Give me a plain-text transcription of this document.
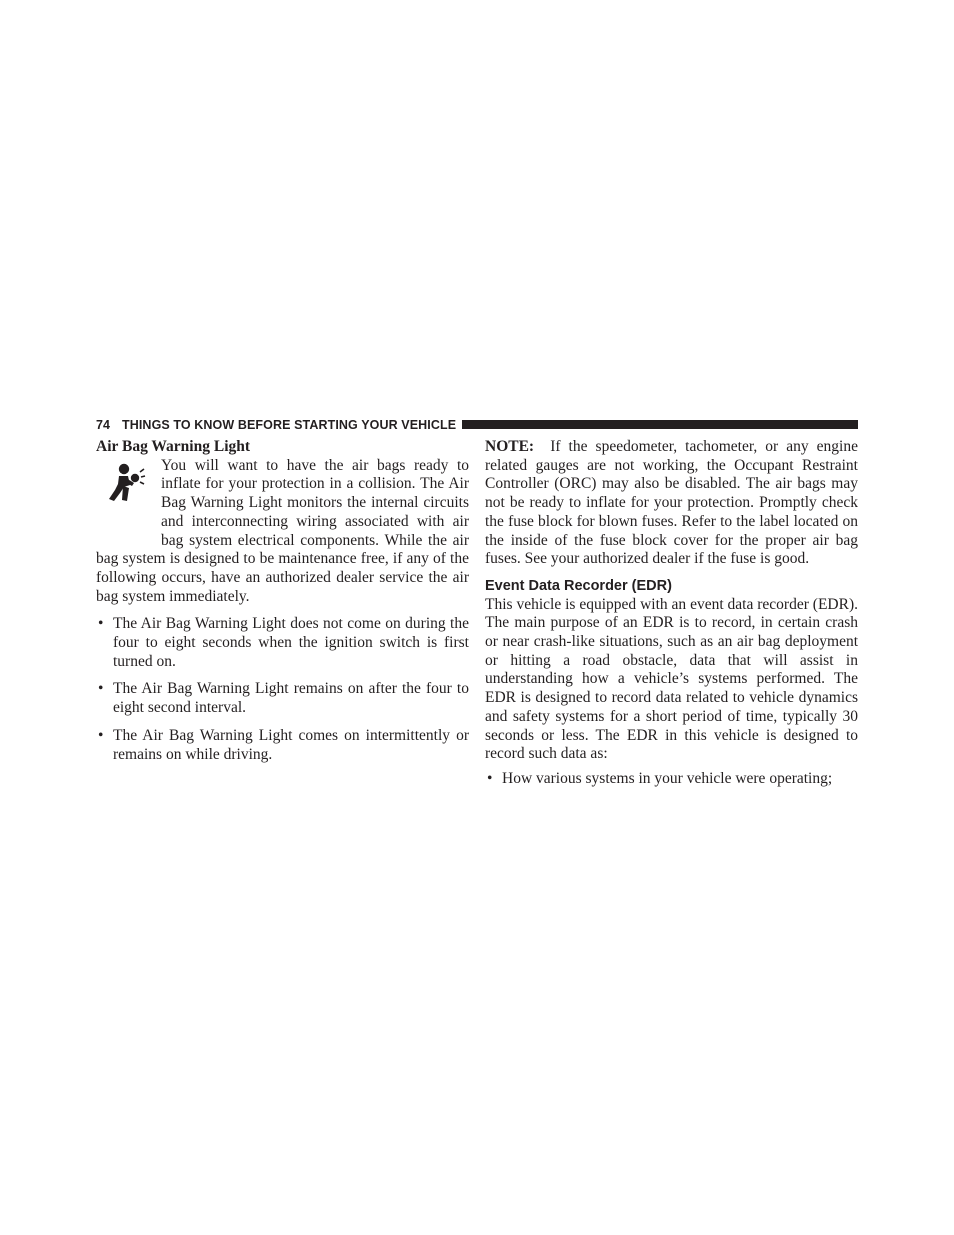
74 THINGS TO KNOW BEFORE STARTING YOUR VEHICLE
Air Bag Warning Light

You will want to have the air bags ready to inflate for your protection in a collision. The Air Bag Warning Light monitors the internal circuits and interconnecting wiring associated with air bag system electrical components. While the air bag system is designed to be maintenance free, if any of the following occurs, have an authorized dealer service the air bag system immediately.

• The Air Bag Warning Light does not come on during the four to eight seconds when the ignition switch is first turned on.
• The Air Bag Warning Light remains on after the four to eight second interval.
• The Air Bag Warning Light comes on intermittently or remains on while driving.

NOTE: If the speedometer, tachometer, or any engine related gauges are not working, the Occupant Restraint Controller (ORC) may also be disabled. The air bags may not be ready to inflate for your protection. Promptly check the fuse block for blown fuses. Refer to the label located on the inside of the fuse block cover for the proper air bag fuses. See your authorized dealer if the fuse is good.

Event Data Recorder (EDR)

This vehicle is equipped with an event data recorder (EDR). The main purpose of an EDR is to record, in certain crash or near crash-like situations, such as an air bag deployment or hitting a road obstacle, data that will assist in understanding how a vehicle’s systems performed. The EDR is designed to record data related to vehicle dynamics and safety systems for a short period of time, typically 30 seconds or less. The EDR in this vehicle is designed to record such data as:

• How various systems in your vehicle were operating;
